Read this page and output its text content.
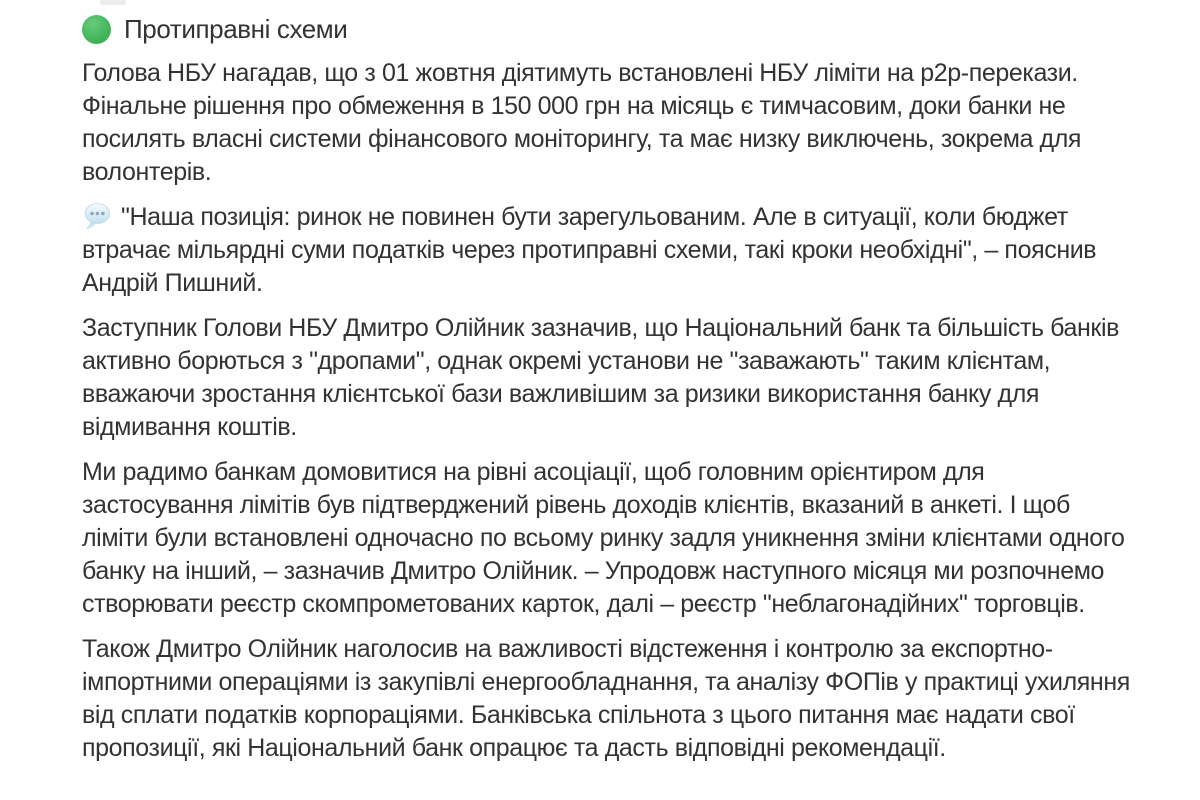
Протиправні схеми

Голова НБУ нагадав, що з 01 жовтня діятимуть встановлені НБУ ліміти на p2p-перекази. Фінальне рішення про обмеження в 150 000 грн на місяць є тимчасовим, доки банки не посилять власні системи фінансового моніторингу, та має низку виключень, зокрема для волонтерів.

"Наша позиція: ринок не повинен бути зарегульованим. Але в ситуації, коли бюджет втрачає мільярдні суми податків через протиправні схеми, такі кроки необхідні", – пояснив Андрій Пишний.

Заступник Голови НБУ Дмитро Олійник зазначив, що Національний банк та більшість банків активно борються з "дропами", однак окремі установи не "заважають" таким клієнтам, вважаючи зростання клієнтської бази важливішим за ризики використання банку для відмивання коштів.

Ми радимо банкам домовитися на рівні асоціації, щоб головним орієнтиром для застосування лімітів був підтверджений рівень доходів клієнтів, вказаний в анкеті. І щоб ліміти були встановлені одночасно по всьому ринку задля уникнення зміни клієнтами одного банку на інший, – зазначив Дмитро Олійник. – Упродовж наступного місяця ми розпочнемо створювати реєстр скомпрометованих карток, далі – реєстр "неблагонадійних" торговців.

Також Дмитро Олійник наголосив на важливості відстеження і контролю за експортно-імпортними операціями із закупівлі енергообладнання, та аналізу ФОПів у практиці ухиляння від сплати податків корпораціями. Банківська спільнота з цього питання має надати свої пропозиції, які Національний банк опрацює та дасть відповідні рекомендації.
